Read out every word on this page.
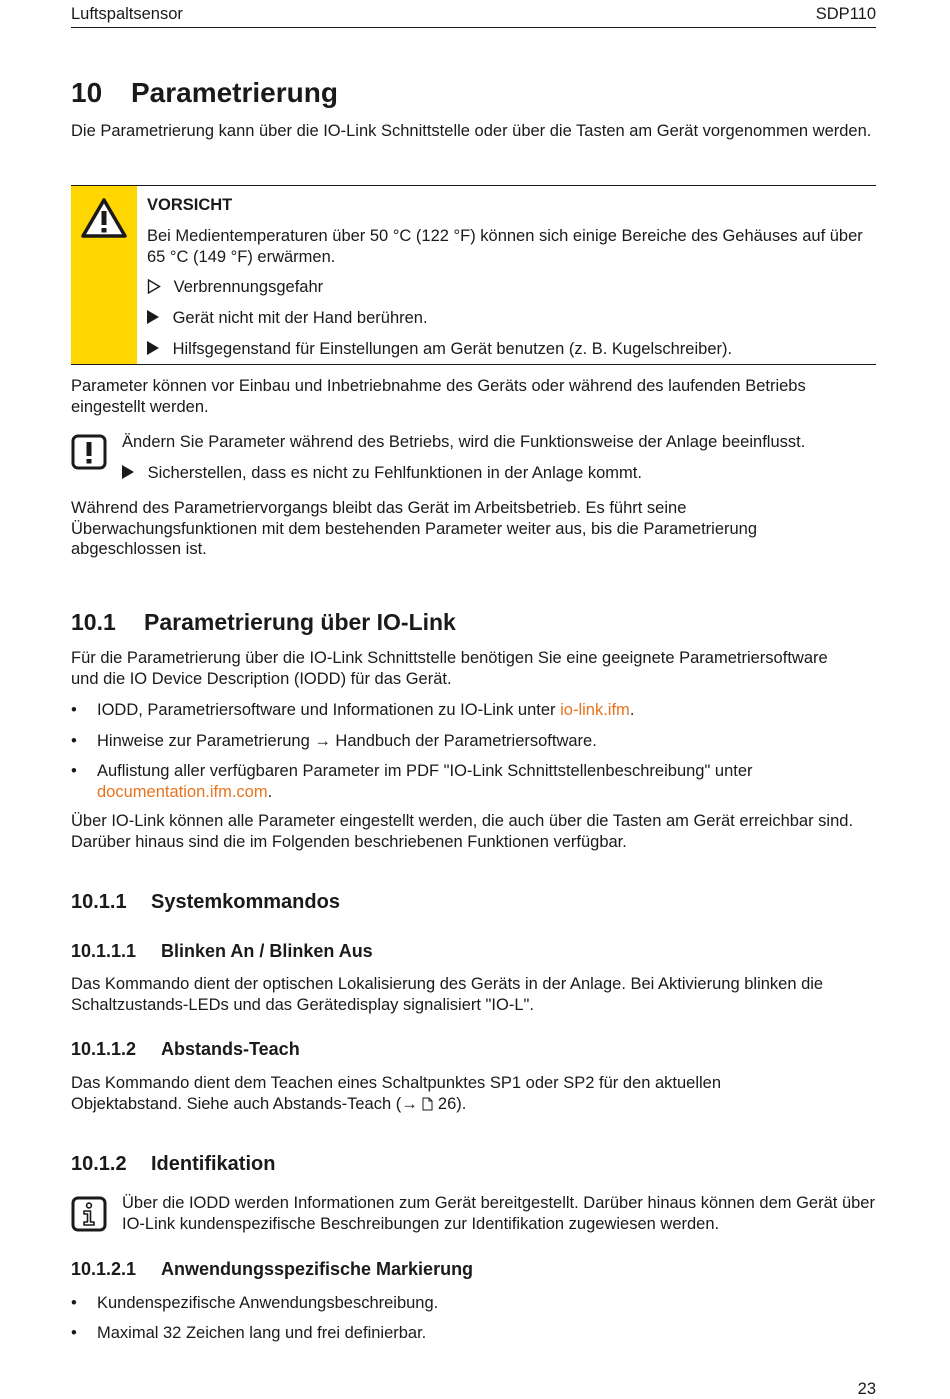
Luftspaltsensor	SDP110
10 Parametrierung

Die Parametrierung kann über die IO-Link Schnittstelle oder über die Tasten am Gerät vorgenommen werden.

VORSICHT

Bei Medientemperaturen über 50 °C (122 °F) können sich einige Bereiche des Gehäuses auf über 65 °C (149 °F) erwärmen.

Verbrennungsgefahr
Gerät nicht mit der Hand berühren.
Hilfsgegenstand für Einstellungen am Gerät benutzen (z. B. Kugelschreiber).

Parameter können vor Einbau und Inbetriebnahme des Geräts oder während des laufenden Betriebs eingestellt werden.

Ändern Sie Parameter während des Betriebs, wird die Funktionsweise der Anlage beeinflusst.
Sicherstellen, dass es nicht zu Fehlfunktionen in der Anlage kommt.

Während des Parametriervorgangs bleibt das Gerät im Arbeitsbetrieb. Es führt seine Überwachungsfunktionen mit dem bestehenden Parameter weiter aus, bis die Parametrierung abgeschlossen ist.

10.1 Parametrierung über IO-Link

Für die Parametrierung über die IO-Link Schnittstelle benötigen Sie eine geeignete Parametriersoftware und die IO Device Description (IODD) für das Gerät.

• IODD, Parametriersoftware und Informationen zu IO-Link unter io-link.ifm.
• Hinweise zur Parametrierung → Handbuch der Parametriersoftware.
• Auflistung aller verfügbaren Parameter im PDF "IO-Link Schnittstellenbeschreibung" unter documentation.ifm.com.

Über IO-Link können alle Parameter eingestellt werden, die auch über die Tasten am Gerät erreichbar sind. Darüber hinaus sind die im Folgenden beschriebenen Funktionen verfügbar.

10.1.1 Systemkommandos
10.1.1.1 Blinken An / Blinken Aus

Das Kommando dient der optischen Lokalisierung des Geräts in der Anlage. Bei Aktivierung blinken die Schaltzustands-LEDs und das Gerätedisplay signalisiert "IO-L".

10.1.1.2 Abstands-Teach

Das Kommando dient dem Teachen eines Schaltpunktes SP1 oder SP2 für den aktuellen Objektabstand. Siehe auch Abstands-Teach (→  26).

10.1.2 Identifikation

Über die IODD werden Informationen zum Gerät bereitgestellt. Darüber hinaus können dem Gerät über IO-Link kundenspezifische Beschreibungen zur Identifikation zugewiesen werden.

10.1.2.1 Anwendungsspezifische Markierung
• Kundenspezifische Anwendungsbeschreibung.
• Maximal 32 Zeichen lang und frei definierbar.
23
